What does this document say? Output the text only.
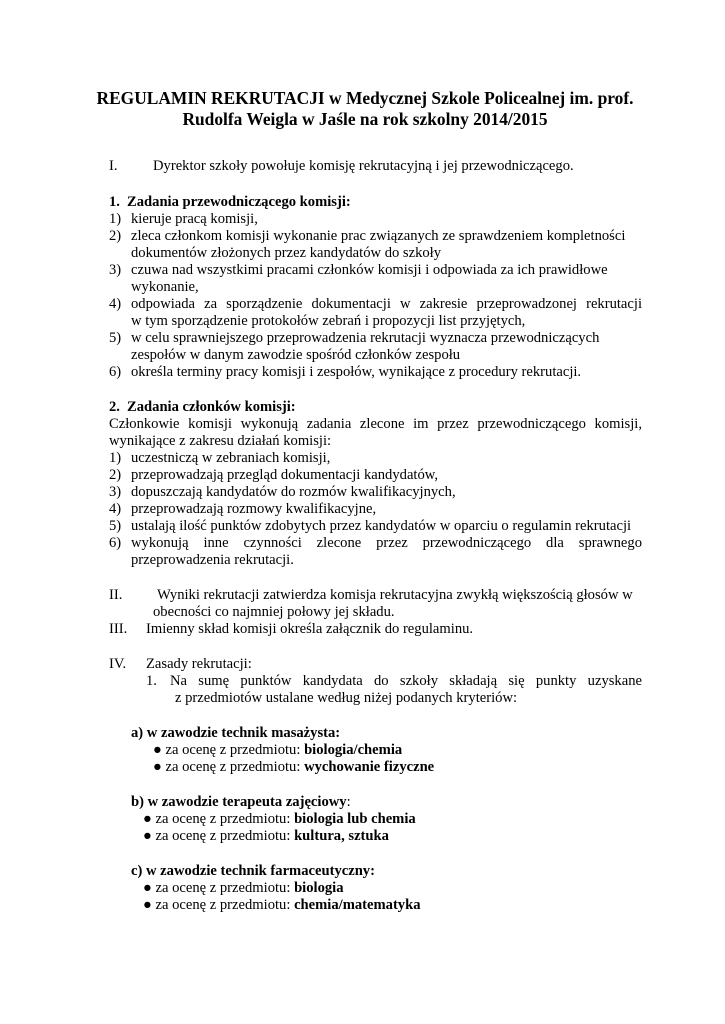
REGULAMIN REKRUTACJI w Medycznej Szkole Policealnej im. prof.
Rudolfa Weigla w Jaśle na rok szkolny 2014/2015
I. Dyrektor szkoły powołuje komisję rekrutacyjną i jej przewodniczącego.
1. Zadania przewodniczącego komisji:
1) kieruje pracą komisji,
2) zleca członkom komisji wykonanie prac związanych ze sprawdzeniem kompletności
dokumentów złożonych przez kandydatów do szkoły
3) czuwa nad wszystkimi pracami członków komisji i odpowiada za ich prawidłowe
wykonanie,
4) odpowiada za sporządzenie dokumentacji w zakresie przeprowadzonej rekrutacji
w tym sporządzenie protokołów zebrań i propozycji list przyjętych,
5) w celu sprawniejszego przeprowadzenia rekrutacji wyznacza przewodniczących
zespołów w danym zawodzie spośród członków zespołu
6) określa terminy pracy komisji i zespołów, wynikające z procedury rekrutacji.
2. Zadania członków komisji:
Członkowie komisji wykonują zadania zlecone im przez przewodniczącego komisji,
wynikające z zakresu działań komisji:
1) uczestniczą w zebraniach komisji,
2) przeprowadzają przegląd dokumentacji kandydatów,
3) dopuszczają kandydatów do rozmów kwalifikacyjnych,
4) przeprowadzają rozmowy kwalifikacyjne,
5) ustalają ilość punktów zdobytych przez kandydatów w oparciu o regulamin rekrutacji
6) wykonują inne czynności zlecone przez przewodniczącego dla sprawnego
przeprowadzenia rekrutacji.
II. Wyniki rekrutacji zatwierdza komisja rekrutacyjna zwykłą większością głosów w
obecności co najmniej połowy jej składu.
III. Imienny skład komisji określa załącznik do regulaminu.
IV. Zasady rekrutacji:
1. Na sumę punktów kandydata do szkoły składają się punkty uzyskane
z przedmiotów ustalane według niżej podanych kryteriów:
a) w zawodzie technik masażysta:
● za ocenę z przedmiotu: biologia/chemia
● za ocenę z przedmiotu: wychowanie fizyczne
b) w zawodzie terapeuta zajęciowy:
● za ocenę z przedmiotu: biologia lub chemia
● za ocenę z przedmiotu: kultura, sztuka
c) w zawodzie technik farmaceutyczny:
● za ocenę z przedmiotu: biologia
● za ocenę z przedmiotu: chemia/matematyka
